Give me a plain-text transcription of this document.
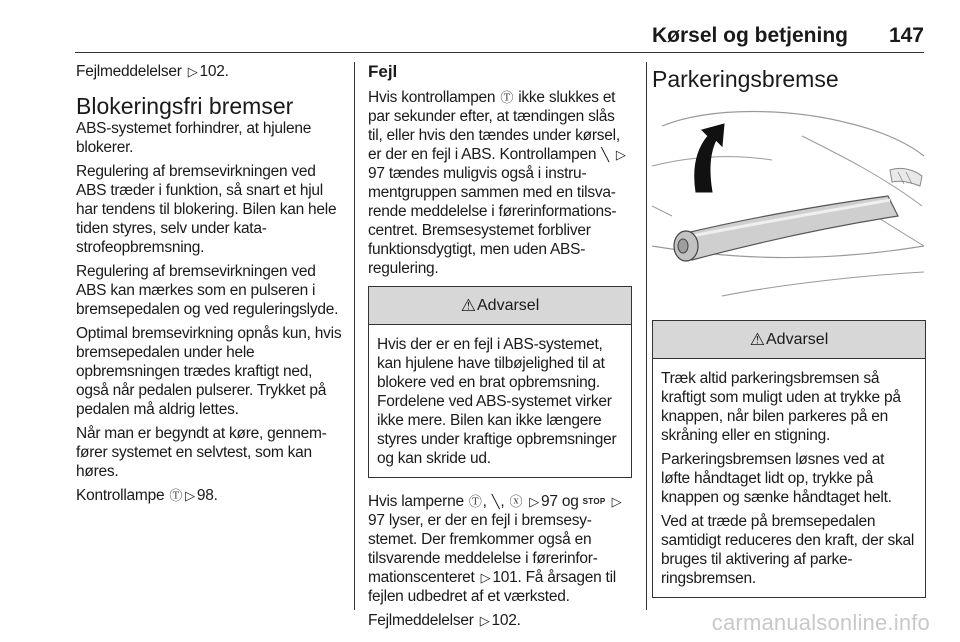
Kørsel og betjening 147

Fejlmeddelelser ▷ 102.

Blokeringsfri bremser

ABS-systemet forhindrer, at hjulene blokerer.

Regulering af bremsevirkningen ved ABS træder i funktion, så snart et hjul har tendens til blokering. Bilen kan hele tiden styres, selv under katastrofeopbremsning.

Regulering af bremsevirkningen ved ABS kan mærkes som en pulseren i bremsepedalen og ved reguleringslyde.

Optimal bremsevirkning opnås kun, hvis bremsepedalen under hele opbremsningen trædes kraftigt ned, også når pedalen pulserer. Trykket på pedalen må aldrig lettes.

Når man er begyndt at køre, gennemfører systemet en selvtest, som kan høres.

Kontrollampe Ⓣ ▷ 98.

Fejl

Hvis kontrollampen Ⓣ ikke slukkes et par sekunder efter, at tændingen slås til, eller hvis den tændes under kørsel, er der en fejl i ABS. Kontrollampen ╲ ▷97 tændes muligvis også i instrumentgruppen sammen med en tilsvarende meddelelse i førerinformationscentret. Bremsesystemet forbliver funktionsdygtigt, men uden ABS-regulering.

⚠ Advarsel

Hvis der er en fejl i ABS-systemet, kan hjulene have tilbøjelighed til at blokere ved en brat opbremsning. Fordelene ved ABS-systemet virker ikke mere. Bilen kan ikke længere styres under kraftige opbremsninger og kan skride ud.

Hvis lamperne Ⓣ, ╲, ⓧ ▷ 97 og STOP ▷97 lyser, er der en fejl i bremsesystemet. Der fremkommer også en tilsvarende meddelelse i førerinformationscenteret ▷ 101. Få årsagen til fejlen udbedret af et værksted.

Fejlmeddelelser ▷ 102.

Parkeringsbremse
⚠ Advarsel

Træk altid parkeringsbremsen så kraftigt som muligt uden at trykke på knappen, når bilen parkeres på en skråning eller en stigning.

Parkeringsbremsen løsnes ved at løfte håndtaget lidt op, trykke på knappen og sænke håndtaget helt.

Ved at træde på bremsepedalen samtidigt reduceres den kraft, der skal bruges til aktivering af parkeringsbremsen.

carmanualsonline.info
